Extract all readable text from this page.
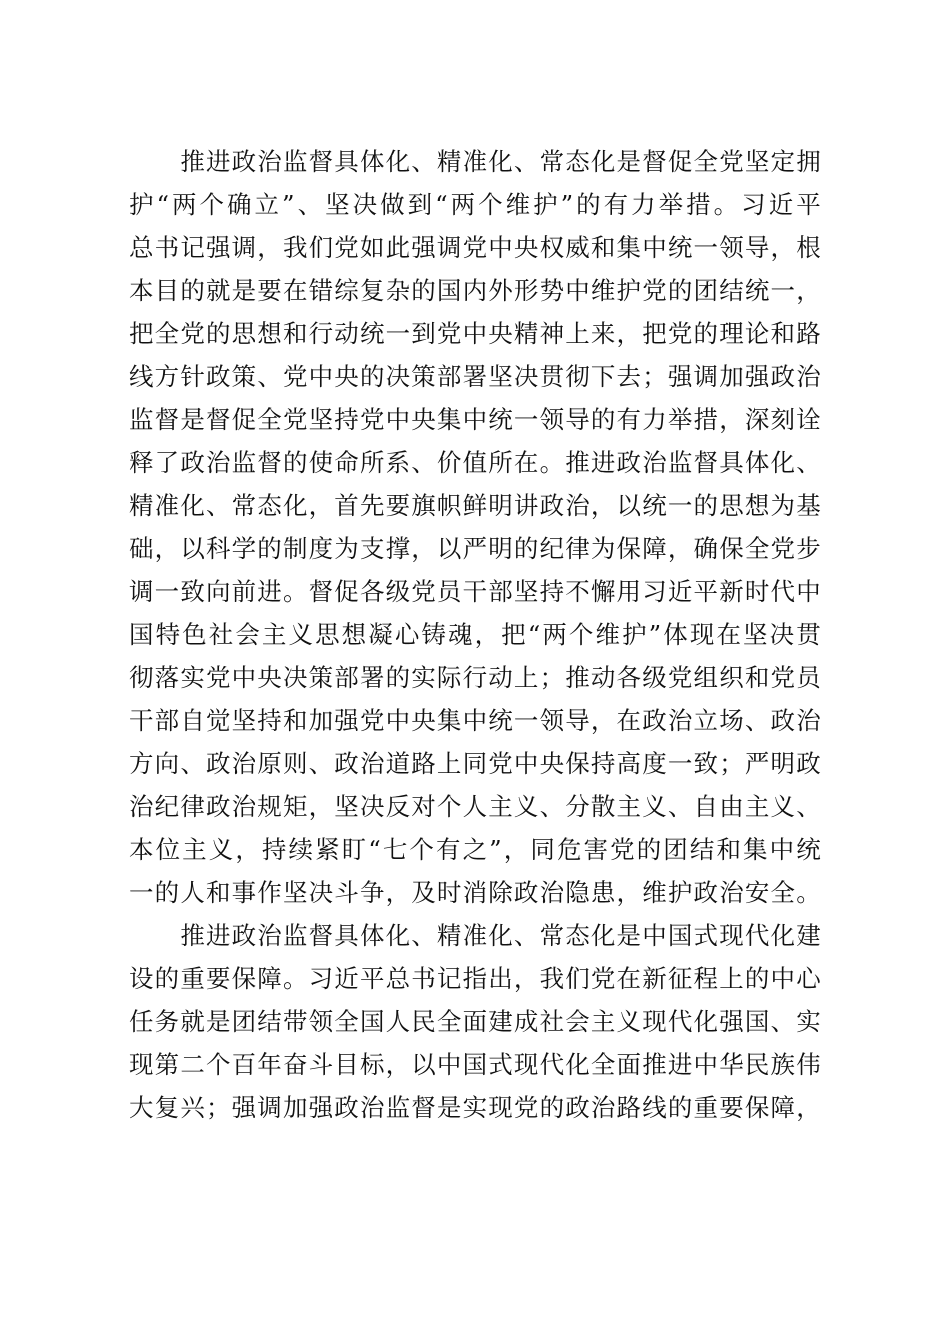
　　推进政治监督具体化、精准化、常态化是督促全党坚定拥
护“两个确立”、坚决做到“两个维护”的有力举措。习近平
总书记强调，我们党如此强调党中央权威和集中统一领导，根
本目的就是要在错综复杂的国内外形势中维护党的团结统一，
把全党的思想和行动统一到党中央精神上来，把党的理论和路
线方针政策、党中央的决策部署坚决贯彻下去；强调加强政治
监督是督促全党坚持党中央集中统一领导的有力举措，深刻诠
释了政治监督的使命所系、价值所在。推进政治监督具体化、
精准化、常态化，首先要旗帜鲜明讲政治，以统一的思想为基
础，以科学的制度为支撑，以严明的纪律为保障，确保全党步
调一致向前进。督促各级党员干部坚持不懈用习近平新时代中
国特色社会主义思想凝心铸魂，把“两个维护”体现在坚决贯
彻落实党中央决策部署的实际行动上；推动各级党组织和党员
干部自觉坚持和加强党中央集中统一领导，在政治立场、政治
方向、政治原则、政治道路上同党中央保持高度一致；严明政
治纪律政治规矩，坚决反对个人主义、分散主义、自由主义、
本位主义，持续紧盯“七个有之”，同危害党的团结和集中统
一的人和事作坚决斗争，及时消除政治隐患，维护政治安全。
　　推进政治监督具体化、精准化、常态化是中国式现代化建
设的重要保障。习近平总书记指出，我们党在新征程上的中心
任务就是团结带领全国人民全面建成社会主义现代化强国、实
现第二个百年奋斗目标，以中国式现代化全面推进中华民族伟
大复兴；强调加强政治监督是实现党的政治路线的重要保障，
